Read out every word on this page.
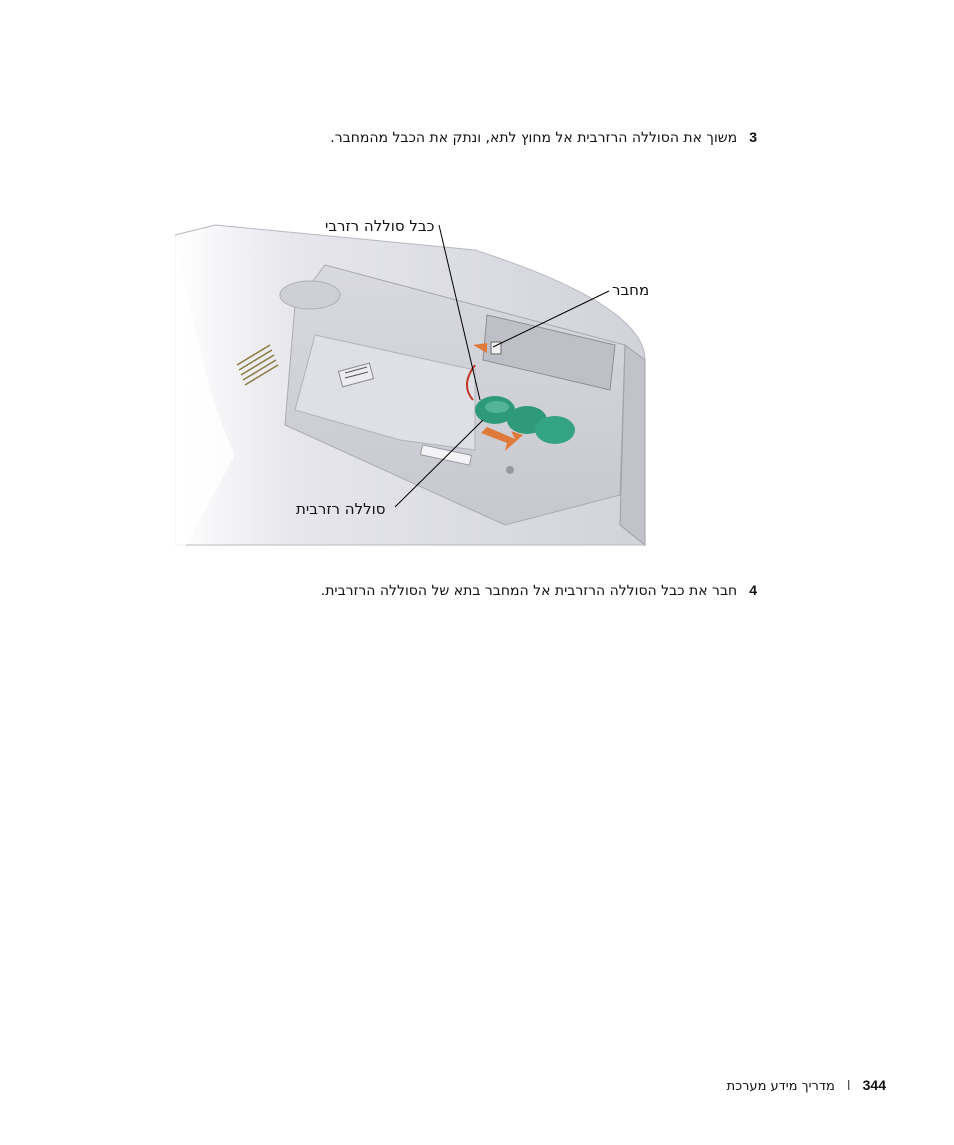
3
משוך את הסוללה הרזרבית אל מחוץ לתא, ונתק את הכבל מהמחבר.
כבל סוללה רזרבי
מחבר
סוללה רזרבית
4
חבר את כבל הסוללה הרזרבית אל המחבר בתא של הסוללה הרזרבית.
344
I
מדריך מידע מערכת
